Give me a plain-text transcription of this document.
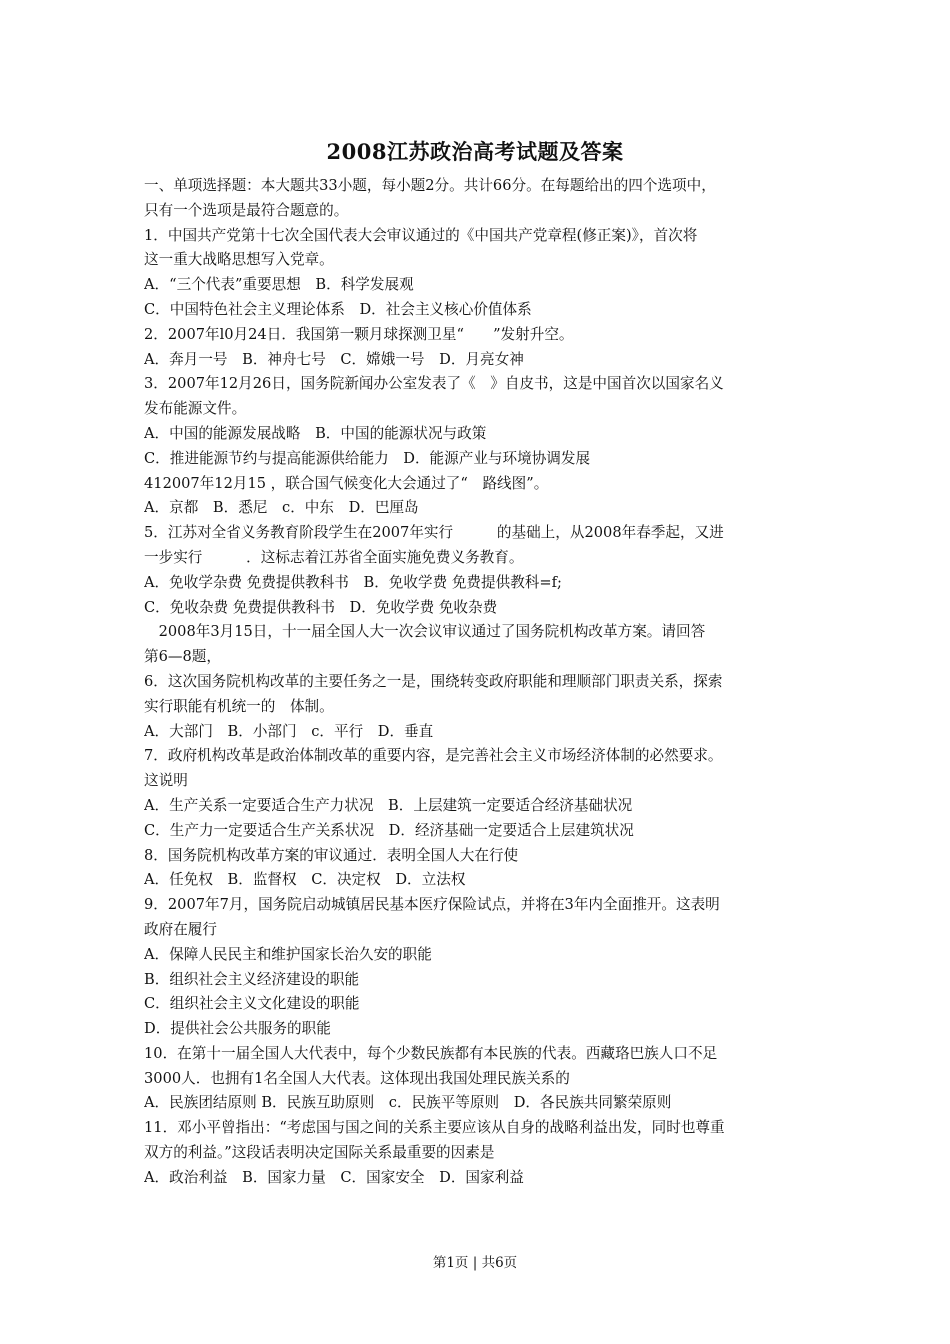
2008江苏政治高考试题及答案
一、单项选择题：本大题共33小题，每小题2分。共计66分。在每题给出的四个选项中，
只有一个选项是最符合题意的。
1．中国共产党第十七次全国代表大会审议通过的《中国共产党章程(修正案)》，首次将
这一重大战略思想写入党章。
A．“三个代表”重要思想　B．科学发展观
C．中国特色社会主义理论体系　D．社会主义核心价值体系
2．2007年l0月24日．我国第一颗月球探测卫星“　　”发射升空。
A．奔月一号　B．神舟七号　C．嫦娥一号　D．月亮女神
3．2007年12月26日，国务院新闻办公室发表了《　》自皮书，这是中国首次以国家名义
发布能源文件。
A．中国的能源发展战略　B．中国的能源状况与政策
C．推进能源节约与提高能源供给能力　D．能源产业与环境协调发展
412007年12月15 ，联合国气候变化大会通过了“　路线图”。
A．京都　B．悉尼　c．中东　D．巴厘岛
5．江苏对全省义务教育阶段学生在2007年实行　　　的基础上，从2008年春季起，又进
一步实行　　　．这标志着江苏省全面实施免费义务教育。
A．免收学杂费 免费提供教科书　B．免收学费 免费提供教科=f;
C．免收杂费 免费提供教科书　D．免收学费 免收杂费
　2008年3月15日，十一届全国人大一次会议审议通过了国务院机构改革方案。请回答
第6—8题，
6．这次国务院机构改革的主要任务之一是，围绕转变政府职能和理顺部门职责关系，探索
实行职能有机统一的　体制。
A．大部门　B．小部门　c．平行　D．垂直
7．政府机构改革是政治体制改革的重要内容，是完善社会主义市场经济体制的必然要求。
这说明
A．生产关系一定要适合生产力状况　B．上层建筑一定要适合经济基础状况
C．生产力一定要适合生产关系状况　D．经济基础一定要适合上层建筑状况
8．国务院机构改革方案的审议通过．表明全国人大在行使
A．任免权　B．监督权　C．决定权　D．立法权
9．2007年7月，国务院启动城镇居民基本医疗保险试点，并将在3年内全面推开。这表明
政府在履行
A．保障人民民主和维护国家长治久安的职能
B．组织社会主义经济建设的职能
C．组织社会主义文化建设的职能
D．提供社会公共服务的职能
10．在第十一届全国人大代表中，每个少数民族都有本民族的代表。西藏珞巴族人口不足
3000人．也拥有1名全国人大代表。这体现出我国处理民族关系的
A．民族团结原则 B．民族互助原则　c．民族平等原则　D．各民族共同繁荣原则
11．邓小平曾指出：“考虑国与国之间的关系主要应该从自身的战略利益出发，同时也尊重
双方的利益。”这段话表明决定国际关系最重要的因素是
A．政治利益　B．国家力量　C．国家安全　D．国家利益
第1页 | 共6页
